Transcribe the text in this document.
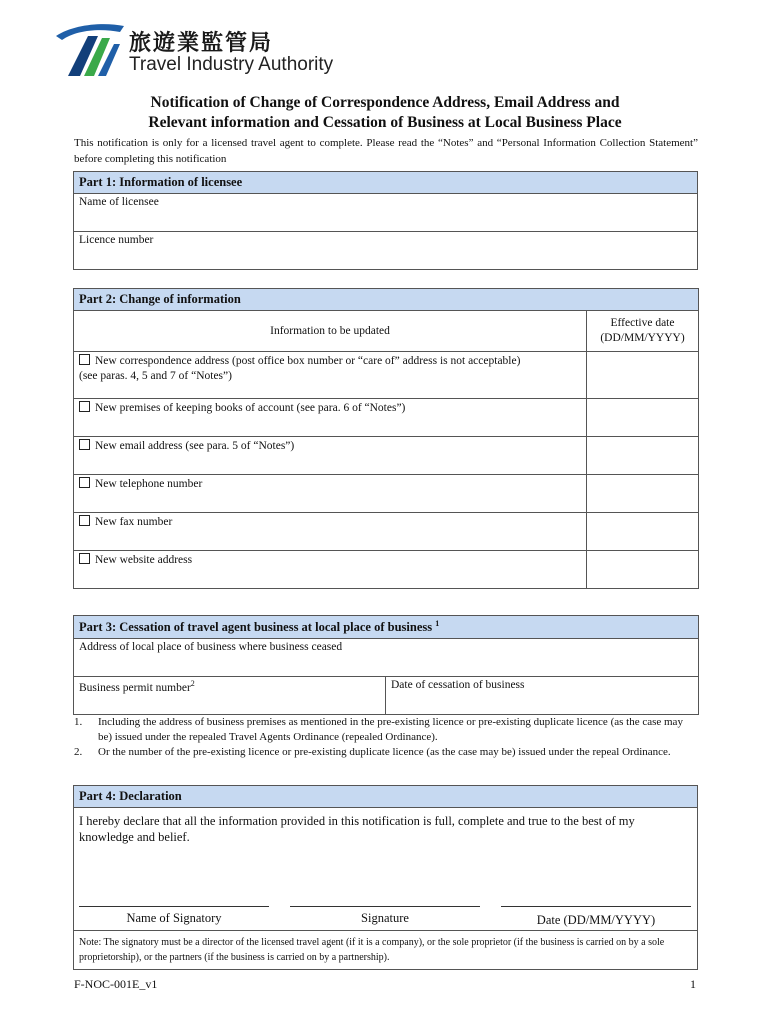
旅遊業監管局
Travel Industry Authority
Notification of Change of Correspondence Address, Email Address and
Relevant information and Cessation of Business at Local Business Place
This notification is only for a licensed travel agent to complete. Please read the “Notes” and “Personal Information Collection Statement” before completing this notification
Part 1: Information of licensee
Name of licensee
Licence number
Part 2: Change of information	
Information to be updated	Effective date
(DD/MM/YYYY)

New correspondence address (post office box number or “care of” address is not acceptable)
(see paras. 4, 5 and 7 of “Notes”)	
New premises of keeping books of account (see para. 6 of “Notes”)	
New email address (see para. 5 of “Notes”)	
New telephone number	
New fax number	
New website address	
Part 3: Cessation of travel agent business at local place of business $^1$
Address of local place of business where business ceased
Business permit number$^2$	Date of cessation of business
1.	Including the address of business premises as mentioned in the pre-existing licence or pre-existing duplicate licence (as the case may be) issued under the repealed Travel Agents Ordinance (repealed Ordinance).
2.	Or the number of the pre-existing licence or pre-existing duplicate licence (as the case may be) issued under the repeal Ordinance.
Part 4: Declaration

I hereby declare that all the information provided in this notification is full, complete and true to the best of my knowledge and belief.
Name of Signatory	Signature	Date (DD/MM/YYYY)

Note: The signatory must be a director of the licensed travel agent (if it is a company), or the sole proprietor (if the business is carried on by a sole proprietorship), or the partners (if the business is carried on by a partnership).
F-NOC-001E_v1	1
